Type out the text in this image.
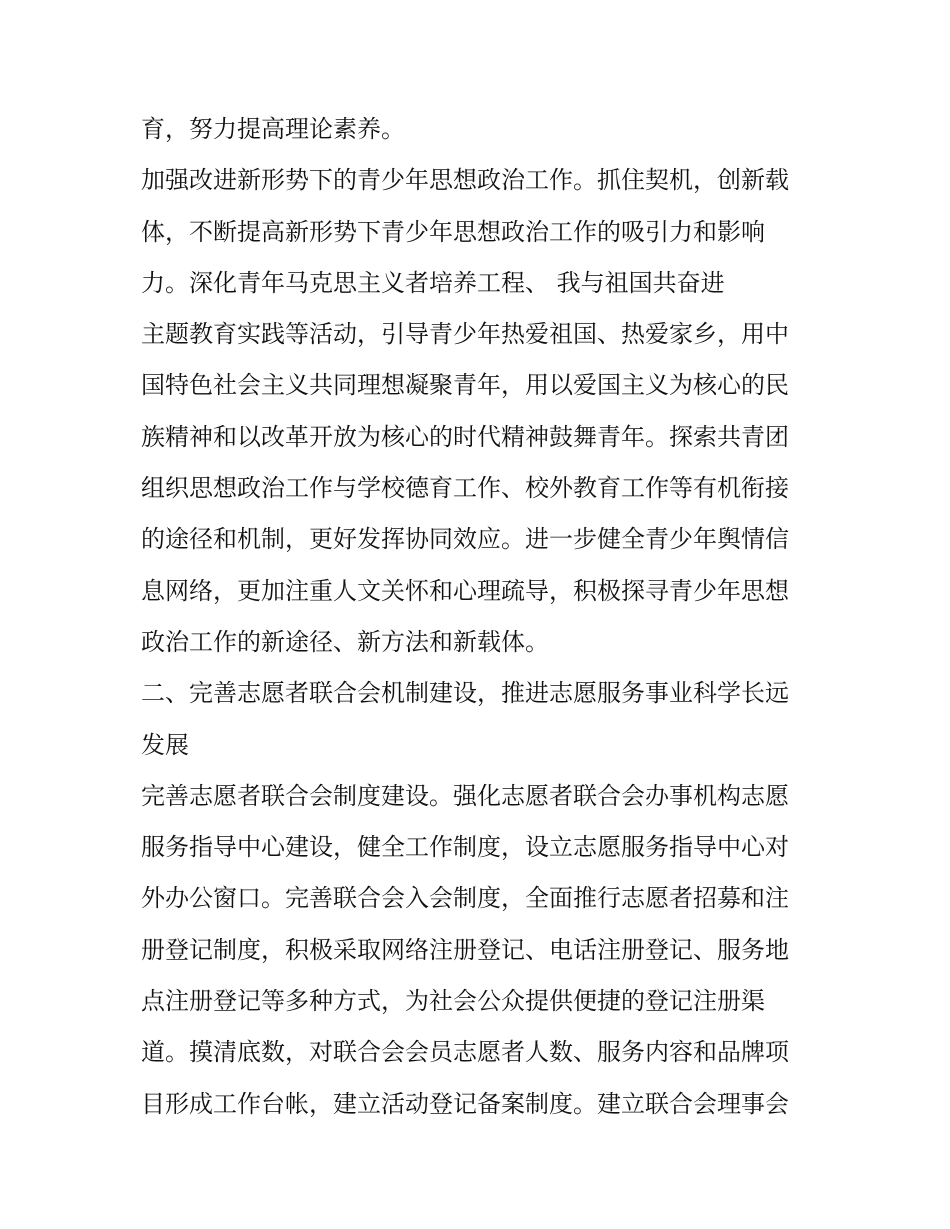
育，努力提高理论素养。
加强改进新形势下的青少年思想政治工作。抓住契机，创新载
体，不断提高新形势下青少年思想政治工作的吸引力和影响
力。深化青年马克思主义者培养工程、 我与祖国共奋进
主题教育实践等活动，引导青少年热爱祖国、热爱家乡，用中
国特色社会主义共同理想凝聚青年，用以爱国主义为核心的民
族精神和以改革开放为核心的时代精神鼓舞青年。探索共青团
组织思想政治工作与学校德育工作、校外教育工作等有机衔接
的途径和机制，更好发挥协同效应。进一步健全青少年舆情信
息网络，更加注重人文关怀和心理疏导，积极探寻青少年思想
政治工作的新途径、新方法和新载体。
二、完善志愿者联合会机制建设，推进志愿服务事业科学长远
发展
完善志愿者联合会制度建设。强化志愿者联合会办事机构志愿
服务指导中心建设，健全工作制度，设立志愿服务指导中心对
外办公窗口。完善联合会入会制度，全面推行志愿者招募和注
册登记制度，积极采取网络注册登记、电话注册登记、服务地
点注册登记等多种方式，为社会公众提供便捷的登记注册渠
道。摸清底数，对联合会会员志愿者人数、服务内容和品牌项
目形成工作台帐，建立活动登记备案制度。建立联合会理事会
